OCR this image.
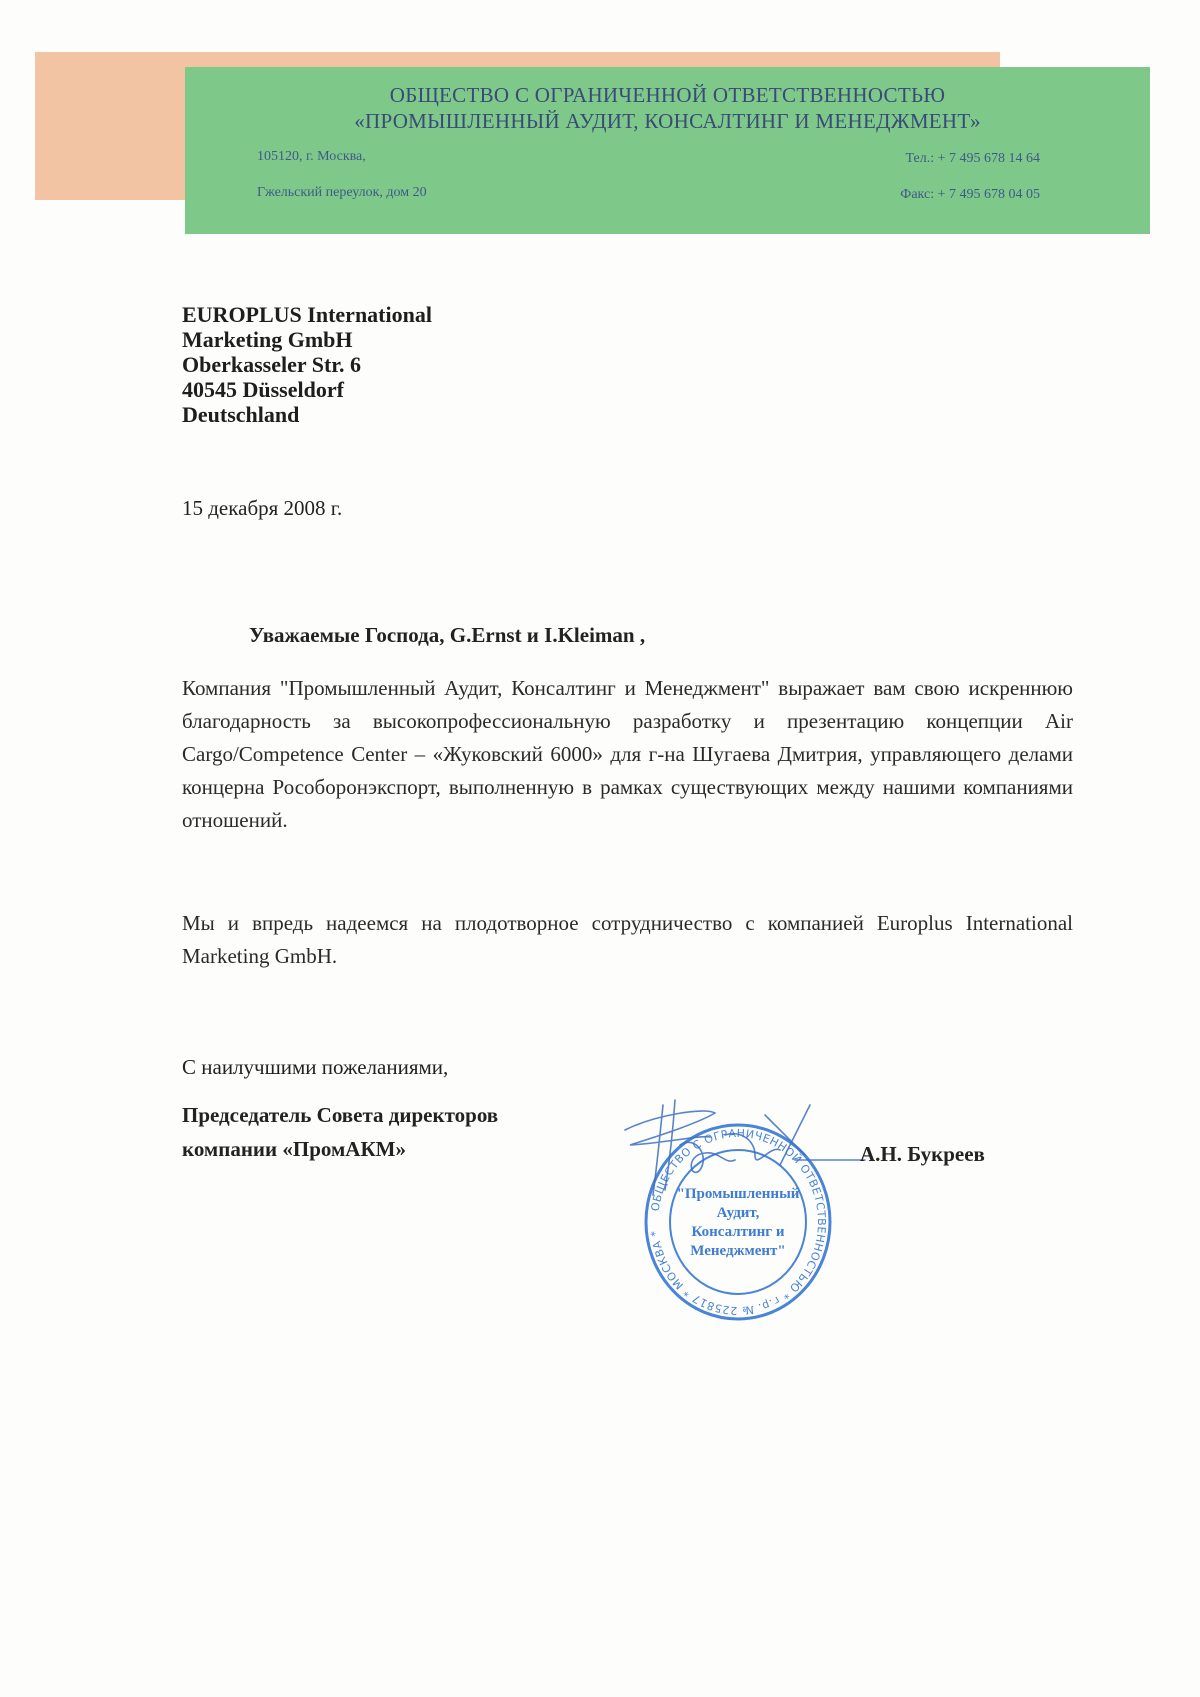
ОБЩЕСТВО С ОГРАНИЧЕННОЙ ОТВЕТСТВЕННОСТЬЮ
«ПРОМЫШЛЕННЫЙ АУДИТ, КОНСАЛТИНГ И МЕНЕДЖМЕНТ»
105120, г. Москва,
Гжельский переулок, дом 20
Тел.: + 7 495 678 14 64
Факс: + 7 495 678 04 05
EUROPLUS International
Marketing GmbH
Oberkasseler Str. 6
40545 Düsseldorf
Deutschland
15 декабря 2008 г.
Уважаемые Господа, G.Ernst и I.Kleiman ,
Компания "Промышленный Аудит, Консалтинг и Менеджмент" выражает вам свою искреннюю благодарность за высокопрофессиональную разработку и презентацию концепции Air Cargo/Competence Center – «Жуковский 6000» для г-на Шугаева Дмитрия, управляющего делами концерна Рособоронэкспорт, выполненную в рамках существующих между нашими компаниями отношений.
Мы и впредь надеемся на плодотворное сотрудничество с компанией Europlus International Marketing GmbH.
С наилучшими пожеланиями,
Председатель Совета директоров
компании «ПромАКМ»
ОБЩЕСТВО С ОГРАНИЧЕННОЙ ОТВЕТСТВЕННОСТЬЮ * г.р. № 225817 * МОСКВА *
"Промышленный
Аудит,
Консалтинг и
Менеджмент"
А.Н. Букреев
